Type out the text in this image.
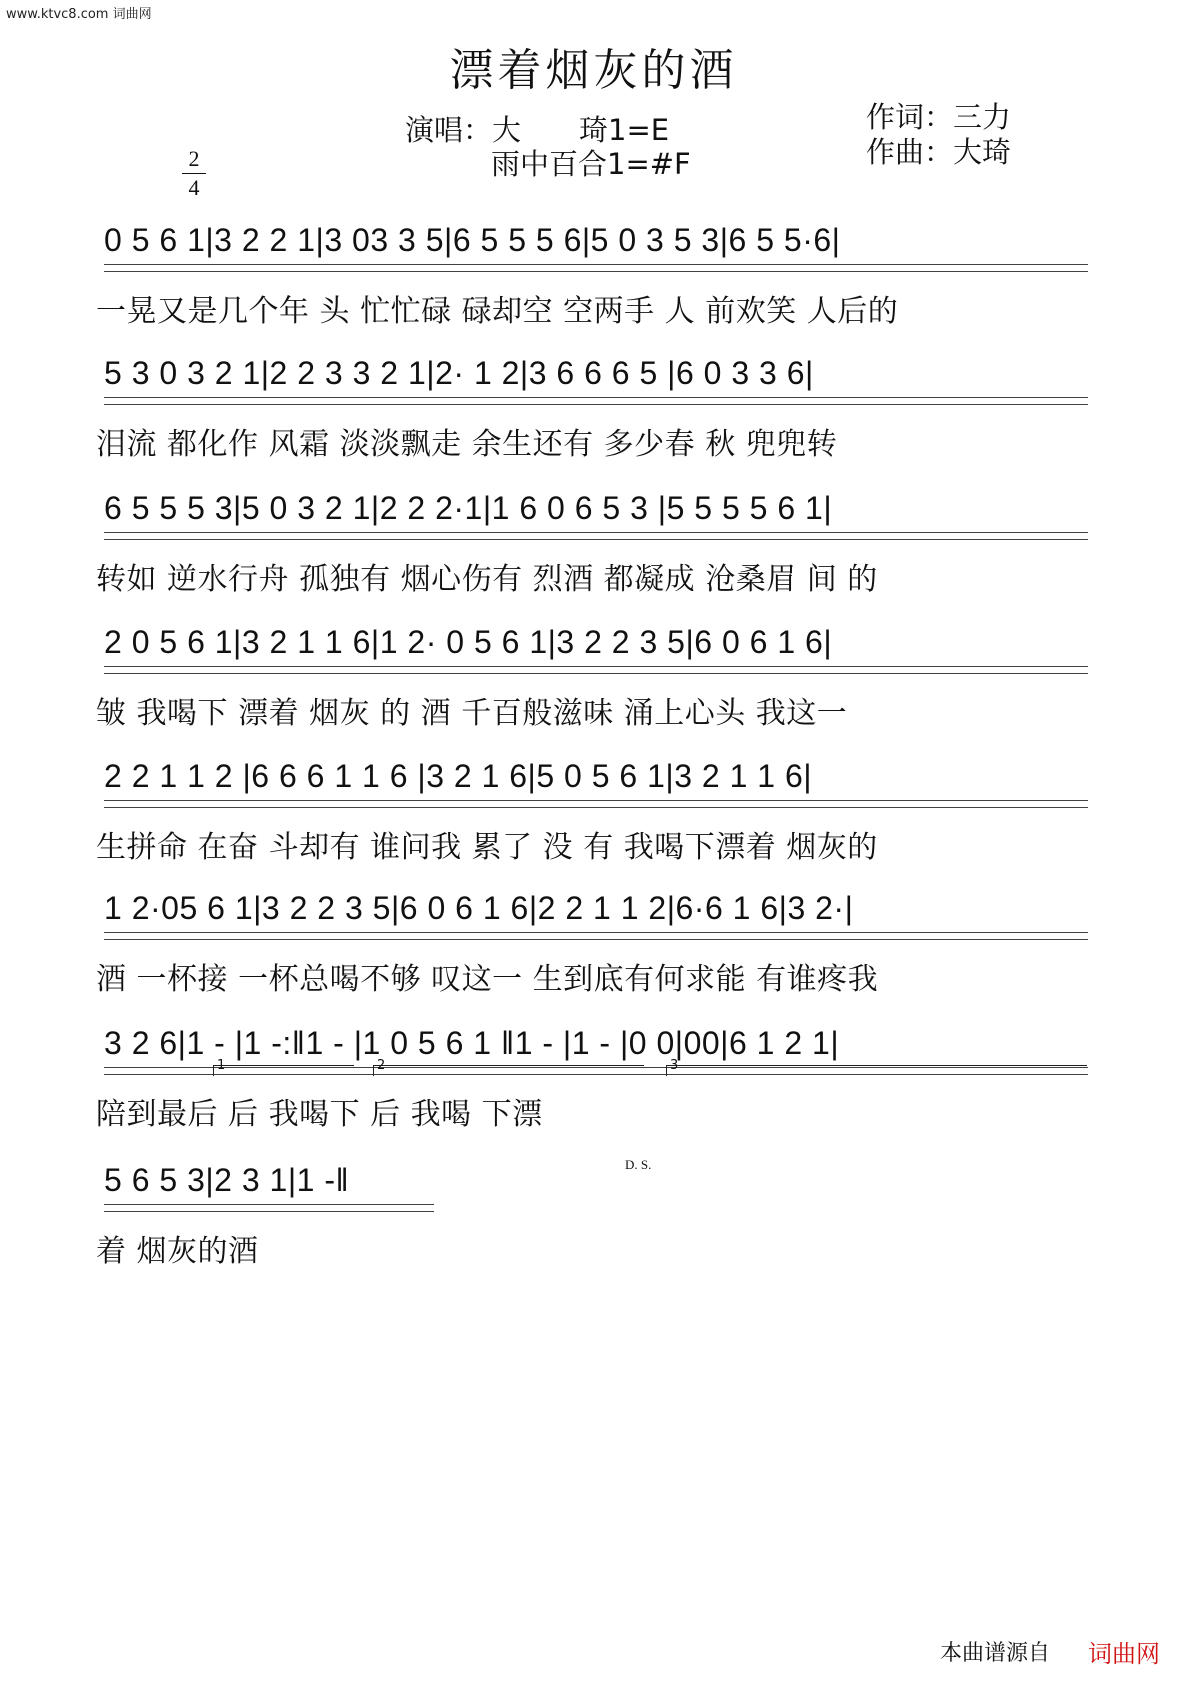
www.ktvc8.com 词曲网
漂着烟灰的酒
演唱：大　　琦1=E
雨中百合1=#F
作词：三力
作曲：大琦
2
4
0 5 6 1|3 2 2 1|3 03 3 5|6 5 5 5 6|5 0 3 5 3|6 5 5·6|
一晃又是几个年 头 忙忙碌 碌却空 空两手 人 前欢笑 人后的
5 3 0 3 2 1|2 2 3 3 2 1|2· 1 2|3 6 6 6 5 |6 0 3 3 6|
泪流 都化作 风霜 淡淡飘走 余生还有 多少春 秋 兜兜转
6 5 5 5 3|5 0 3 2 1|2 2 2·1|1 6 0 6 5 3 |5 5 5 5 6 1|
转如 逆水行舟 孤独有 烟心伤有 烈酒 都凝成 沧桑眉 间 的
2 0 5 6 1|3 2 1 1 6|1 2· 0 5 6 1|3 2 2 3 5|6 0 6 1 6|
皱 我喝下 漂着 烟灰 的 酒 千百般滋味 涌上心头 我这一
2 2 1 1 2 |6 6 6 1 1 6 |3 2 1 6|5 0 5 6 1|3 2 1 1 6|
生拼命 在奋 斗却有 谁问我 累了 没 有 我喝下漂着 烟灰的
1 2·05 6 1|3 2 2 3 5|6 0 6 1 6|2 2 1 1 2|6·6 1 6|3 2·|
酒 一杯接 一杯总喝不够 叹这一 生到底有何求能 有谁疼我
3 2 6|1 - |1 -:‖1 - |1 0 5 6 1 ‖1 - |1 - |0 0|00|6 1 2 1|
陪到最后 后 我喝下 后 我喝 下漂
5 6 5 3|2 3 1|1 -‖
着 烟灰的酒
1	2	3
D. S.
本曲谱源自 词曲网
